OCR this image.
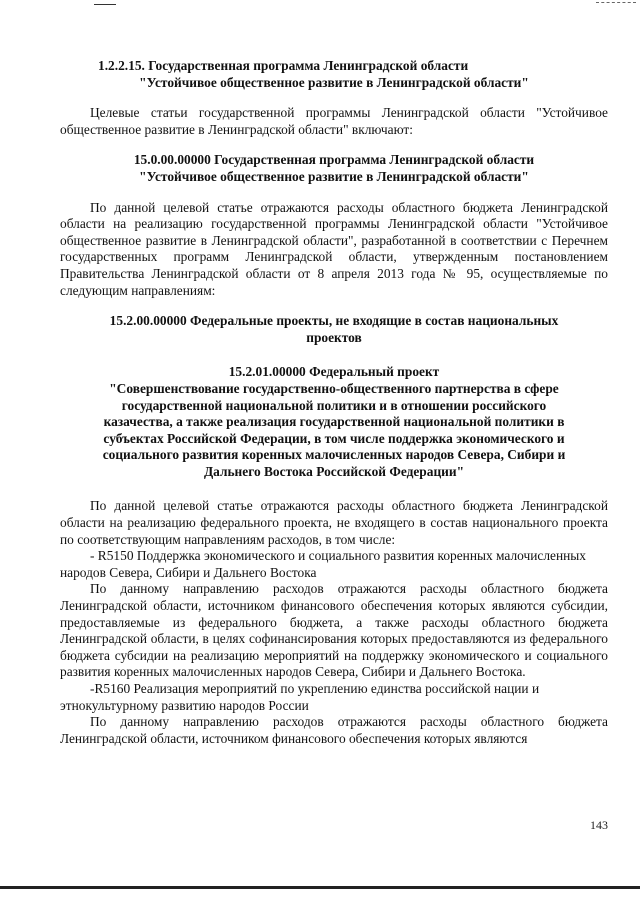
1.2.2.15. Государственная программа Ленинградской области

"Устойчивое общественное развитие в Ленинградской области"

Целевые статьи государственной программы Ленинградской области "Устойчивое общественное развитие в Ленинградской области" включают:

15.0.00.00000 Государственная программа Ленинградской области

"Устойчивое общественное развитие в Ленинградской области"

По данной целевой статье отражаются расходы областного бюджета Ленинградской области на реализацию государственной программы Ленинградской области "Устойчивое общественное развитие в Ленинградской области", разработанной в соответствии с Перечнем государственных программ Ленинградской области, утвержденным постановлением Правительства Ленинградской области от 8 апреля 2013 года № 95, осуществляемые по следующим направлениям:

15.2.00.00000 Федеральные проекты, не входящие в состав национальных

проектов

15.2.01.00000 Федеральный проект

"Совершенствование государственно-общественного партнерства в сфере

государственной национальной политики и в отношении российского

казачества, а также реализация государственной национальной политики в

субъектах Российской Федерации, в том числе поддержка экономического и

социального развития коренных малочисленных народов Севера, Сибири и

Дальнего Востока Российской Федерации"

По данной целевой статье отражаются расходы областного бюджета Ленинградской области на реализацию федерального проекта, не входящего в состав национального проекта по соответствующим направлениям расходов, в том числе:

- R5150 Поддержка экономического и социального развития коренных малочисленных народов Севера, Сибири и Дальнего Востока

По данному направлению расходов отражаются расходы областного бюджета Ленинградской области, источником финансового обеспечения которых являются субсидии, предоставляемые из федерального бюджета, а также расходы областного бюджета Ленинградской области, в целях софинансирования которых предоставляются из федерального бюджета субсидии на реализацию мероприятий на поддержку экономического и социального развития коренных малочисленных народов Севера, Сибири и Дальнего Востока.

-R5160 Реализация мероприятий по укреплению единства российской нации и этнокультурному развитию народов России

По данному направлению расходов отражаются расходы областного бюджета Ленинградской области, источником финансового обеспечения которых являются

143
